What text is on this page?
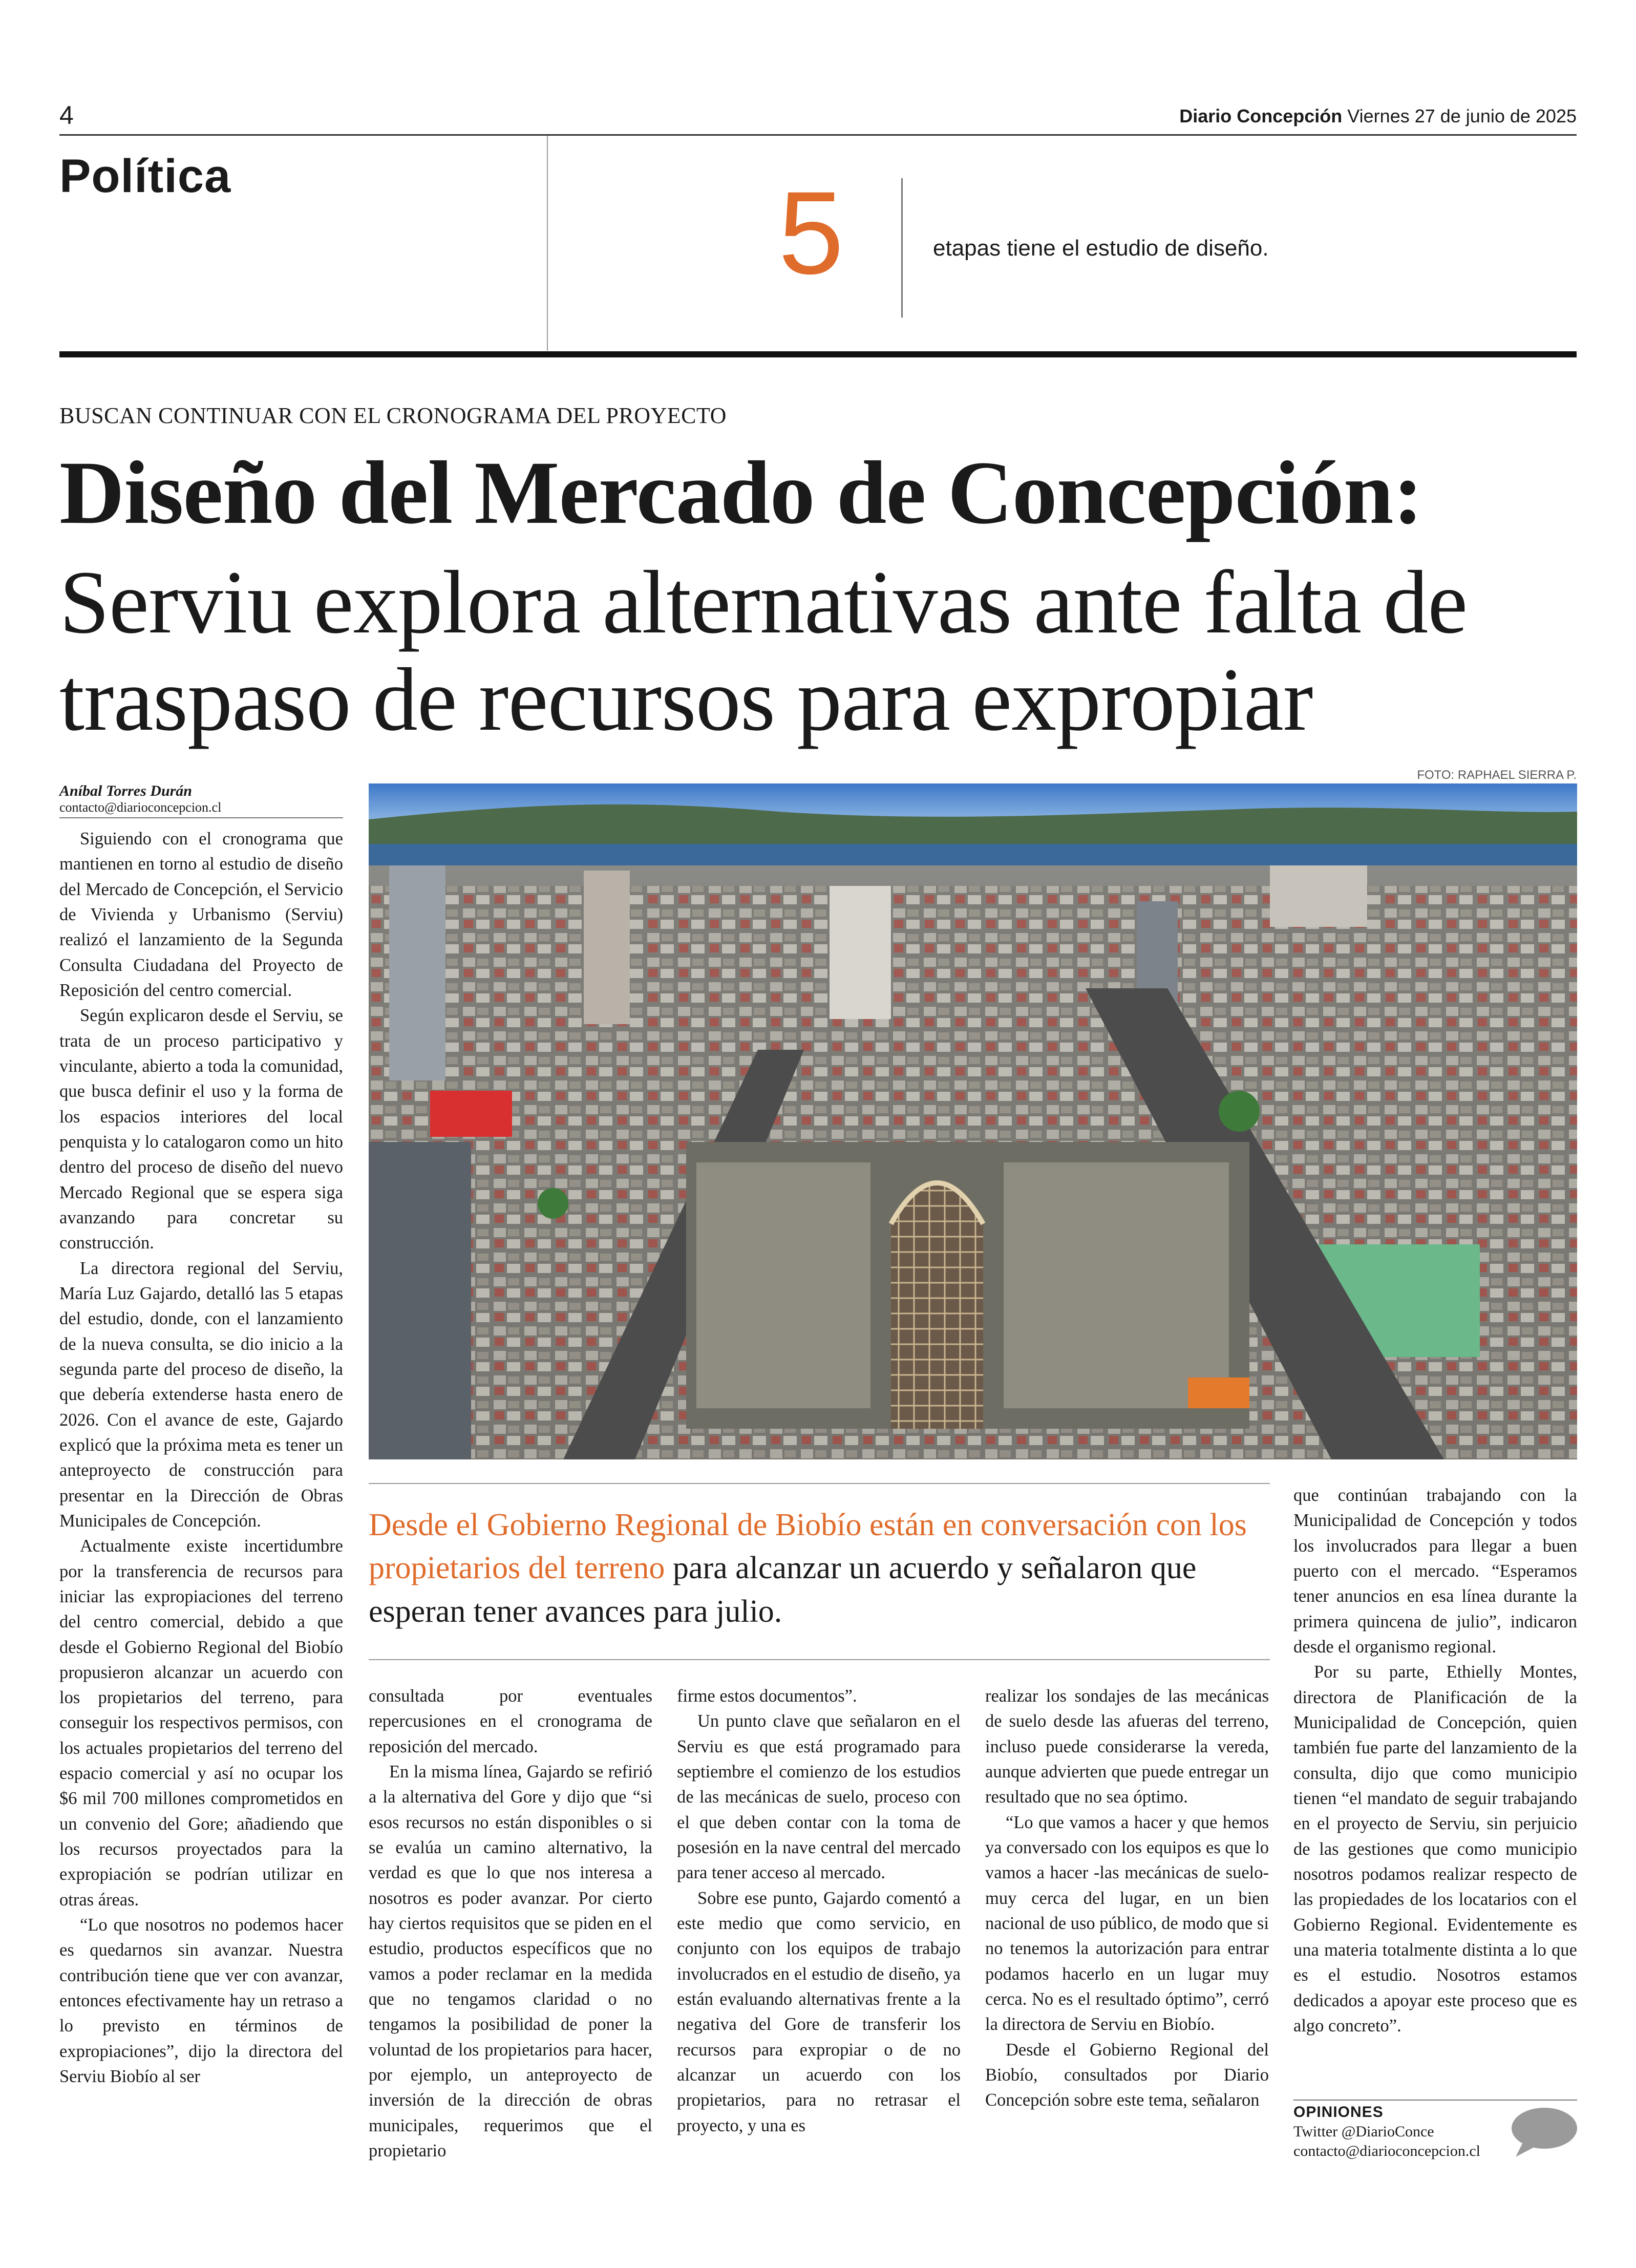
4	Diario Concepción Viernes 27 de junio de 2025
Política	5	etapas tiene el estudio de diseño.
BUSCAN CONTINUAR CON EL CRONOGRAMA DEL PROYECTO
Diseño del Mercado de Concepción:
Serviu explora alternativas ante falta de traspaso de recursos para expropiar
Aníbal Torres Durán
contacto@diarioconcepcion.cl
FOTO: RAPHAEL SIERRA P.

Siguiendo con el cronograma que mantienen en torno al estudio de diseño del Mercado de Concepción, el Servicio de Vivienda y Urbanismo (Serviu) realizó el lanzamiento de la Segunda Consulta Ciudadana del Proyecto de Reposición del centro comercial.

Según explicaron desde el Serviu, se trata de un proceso participativo y vinculante, abierto a toda la comunidad, que busca definir el uso y la forma de los espacios interiores del local penquista y lo catalogaron como un hito dentro del proceso de diseño del nuevo Mercado Regional que se espera siga avanzando para concretar su construcción.

La directora regional del Serviu, María Luz Gajardo, detalló las 5 etapas del estudio, donde, con el lanzamiento de la nueva consulta, se dio inicio a la segunda parte del proceso de diseño, la que debería extenderse hasta enero de 2026. Con el avance de este, Gajardo explicó que la próxima meta es tener un anteproyecto de construcción para presentar en la Dirección de Obras Municipales de Concepción.

Actualmente existe incertidumbre por la transferencia de recursos para iniciar las expropiaciones del terreno del centro comercial, debido a que desde el Gobierno Regional del Biobío propusieron alcanzar un acuerdo con los propietarios del terreno, para conseguir los respectivos permisos, con los actuales propietarios del terreno del espacio comercial y así no ocupar los $6 mil 700 millones comprometidos en un convenio del Gore; añadiendo que los recursos proyectados para la expropiación se podrían utilizar en otras áreas.

“Lo que nosotros no podemos hacer es quedarnos sin avanzar. Nuestra contribución tiene que ver con avanzar, entonces efectivamente hay un retraso a lo previsto en términos de expropiaciones”, dijo la directora del Serviu Biobío al ser

Desde el Gobierno Regional de Biobío están en conversación con los propietarios del terreno para alcanzar un acuerdo y señalaron que esperan tener avances para julio.

consultada por eventuales repercusiones en el cronograma de reposición del mercado.

En la misma línea, Gajardo se refirió a la alternativa del Gore y dijo que “si esos recursos no están disponibles o si se evalúa un camino alternativo, la verdad es que lo que nos interesa a nosotros es poder avanzar. Por cierto hay ciertos requisitos que se piden en el estudio, productos específicos que no vamos a poder reclamar en la medida que no tengamos claridad o no tengamos la posibilidad de poner la voluntad de los propietarios para hacer, por ejemplo, un anteproyecto de inversión de la dirección de obras municipales, requerimos que el propietario

firme estos documentos”.

Un punto clave que señalaron en el Serviu es que está programado para septiembre el comienzo de los estudios de las mecánicas de suelo, proceso con el que deben contar con la toma de posesión en la nave central del mercado para tener acceso al mercado.

Sobre ese punto, Gajardo comentó a este medio que como servicio, en conjunto con los equipos de trabajo involucrados en el estudio de diseño, ya están evaluando alternativas frente a la negativa del Gore de transferir los recursos para expropiar o de no alcanzar un acuerdo con los propietarios, para no retrasar el proyecto, y una es

realizar los sondajes de las mecánicas de suelo desde las afueras del terreno, incluso puede considerarse la vereda, aunque advierten que puede entregar un resultado que no sea óptimo.

“Lo que vamos a hacer y que hemos ya conversado con los equipos es que lo vamos a hacer -las mecánicas de suelo- muy cerca del lugar, en un bien nacional de uso público, de modo que si no tenemos la autorización para entrar podamos hacerlo en un lugar muy cerca. No es el resultado óptimo”, cerró la directora de Serviu en Biobío.

Desde el Gobierno Regional del Biobío, consultados por Diario Concepción sobre este tema, señalaron

que continúan trabajando con la Municipalidad de Concepción y todos los involucrados para llegar a buen puerto con el mercado. “Esperamos tener anuncios en esa línea durante la primera quincena de julio”, indicaron desde el organismo regional.

Por su parte, Ethielly Montes, directora de Planificación de la Municipalidad de Concepción, quien también fue parte del lanzamiento de la consulta, dijo que como municipio tienen “el mandato de seguir trabajando en el proyecto de Serviu, sin perjuicio de las gestiones que como municipio nosotros podamos realizar respecto de las propiedades de los locatarios con el Gobierno Regional. Evidentemente es una materia totalmente distinta a lo que es el estudio. Nosotros estamos dedicados a apoyar este proceso que es algo concreto”.

OPINIONES
Twitter @DiarioConce
contacto@diarioconcepcion.cl
